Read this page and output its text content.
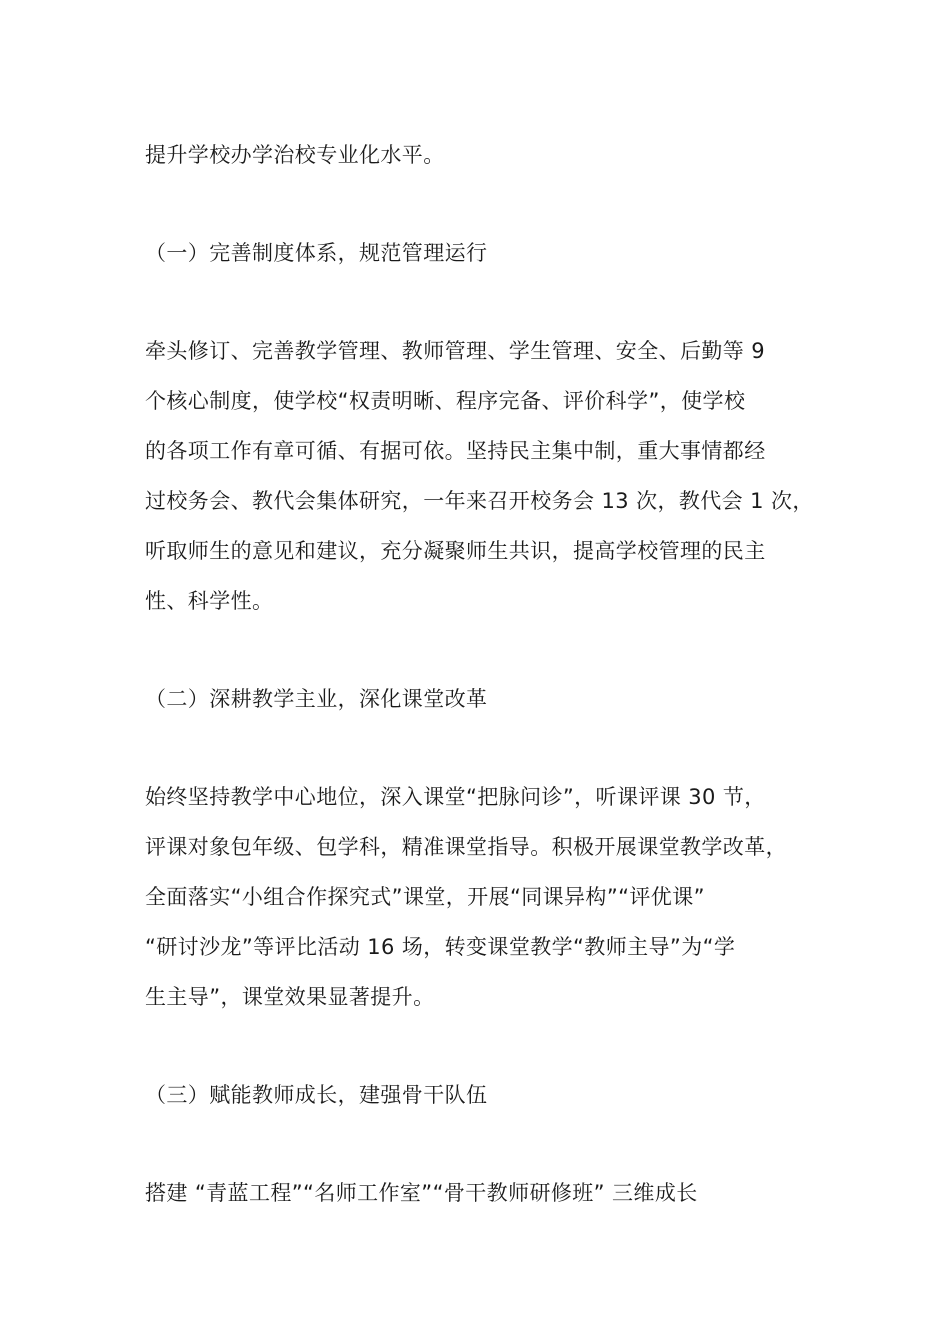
提升学校办学治校专业化水平。
（一）完善制度体系，规范管理运行
牵头修订、完善教学管理、教师管理、学生管理、安全、后勤等 9
个核心制度，使学校“权责明晰、程序完备、评价科学”，使学校
的各项工作有章可循、有据可依。坚持民主集中制，重大事情都经
过校务会、教代会集体研究，一年来召开校务会 13 次，教代会 1 次，
听取师生的意见和建议，充分凝聚师生共识，提高学校管理的民主
性、科学性。
（二）深耕教学主业，深化课堂改革
始终坚持教学中心地位，深入课堂“把脉问诊”，听课评课 30 节，
评课对象包年级、包学科，精准课堂指导。积极开展课堂教学改革，
全面落实“小组合作探究式”课堂，开展“同课异构”“评优课”
“研讨沙龙”等评比活动 16 场，转变课堂教学“教师主导”为“学
生主导”，课堂效果显著提升。
（三）赋能教师成长，建强骨干队伍
搭建 “青蓝工程”“名师工作室”“骨干教师研修班” 三维成长
